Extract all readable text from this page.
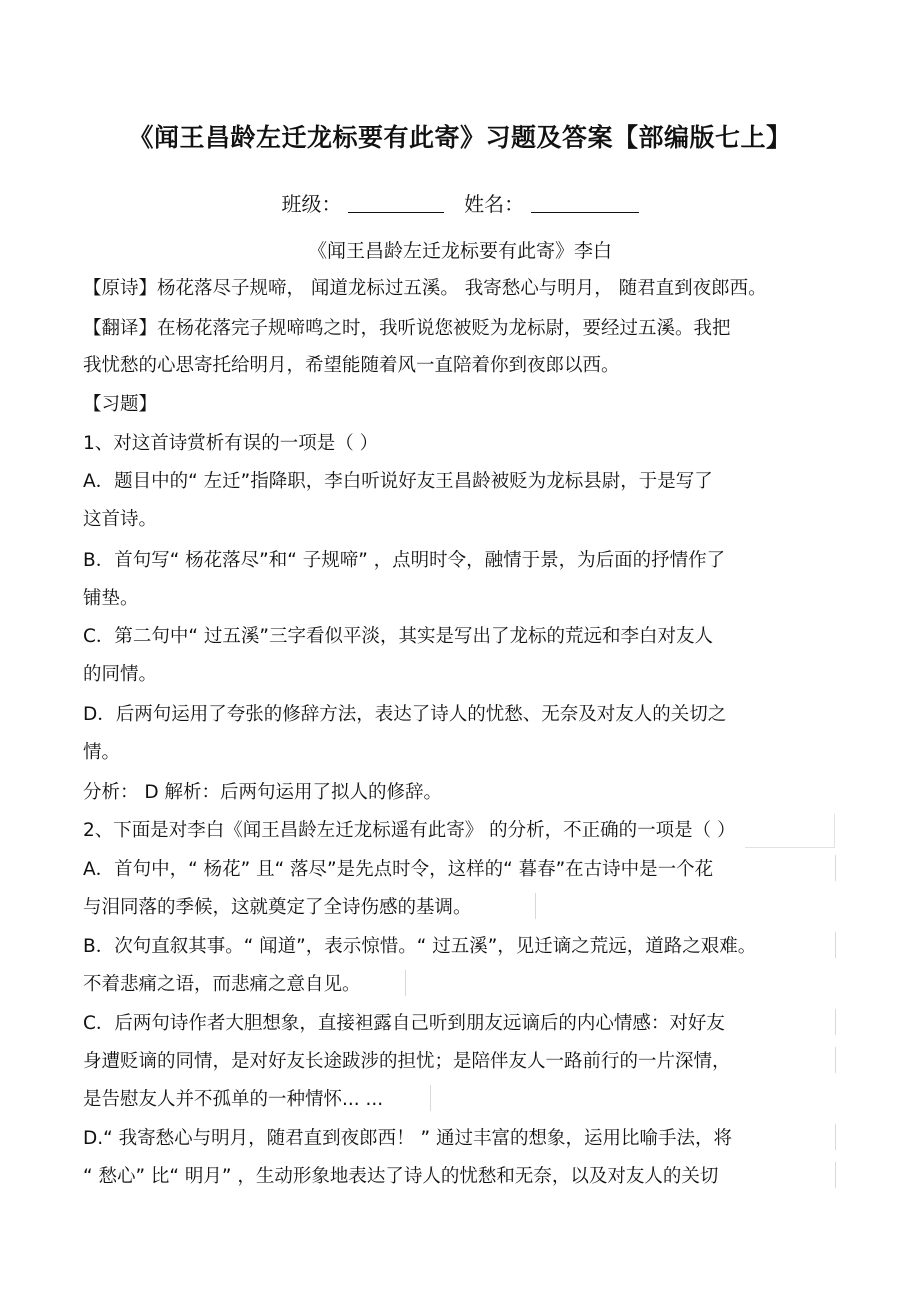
《闻王昌龄左迁龙标要有此寄》习题及答案【部编版七上】
班级：	姓名：
《闻王昌龄左迁龙标要有此寄》李白
【原诗】杨花落尽子规啼， 闻道龙标过五溪。 我寄愁心与明月， 随君直到夜郎西。
【翻译】在杨花落完子规啼鸣之时，我听说您被贬为龙标尉，要经过五溪。我把
我忧愁的心思寄托给明月，希望能随着风一直陪着你到夜郎以西。
【习题】
1、对这首诗赏析有误的一项是（ ）
A．题目中的“ 左迁”指降职，李白听说好友王昌龄被贬为龙标县尉，于是写了
这首诗。
B．首句写“ 杨花落尽”和“ 子规啼” ，点明时令，融情于景，为后面的抒情作了
铺垫。
C．第二句中“ 过五溪”三字看似平淡，其实是写出了龙标的荒远和李白对友人
的同情。
D．后两句运用了夸张的修辞方法，表达了诗人的忧愁、无奈及对友人的关切之
情。
分析： D 解析：后两句运用了拟人的修辞。
2、下面是对李白《闻王昌龄左迁龙标遥有此寄》 的分析，不正确的一项是（ ）
A．首句中，“ 杨花” 且“ 落尽”是先点时令，这样的“ 暮春”在古诗中是一个花
与泪同落的季候，这就奠定了全诗伤感的基调。
B．次句直叙其事。“ 闻道”，表示惊惜。“ 过五溪”，见迁谪之荒远，道路之艰难。
不着悲痛之语，而悲痛之意自见。
C．后两句诗作者大胆想象，直接袒露自己听到朋友远谪后的内心情感：对好友
身遭贬谪的同情，是对好友长途跋涉的担忧；是陪伴友人一路前行的一片深情，
是告慰友人并不孤单的一种情怀... ...
D.“ 我寄愁心与明月，随君直到夜郎西！ ” 通过丰富的想象，运用比喻手法，将
“ 愁心” 比“ 明月” ，生动形象地表达了诗人的忧愁和无奈，以及对友人的关切
